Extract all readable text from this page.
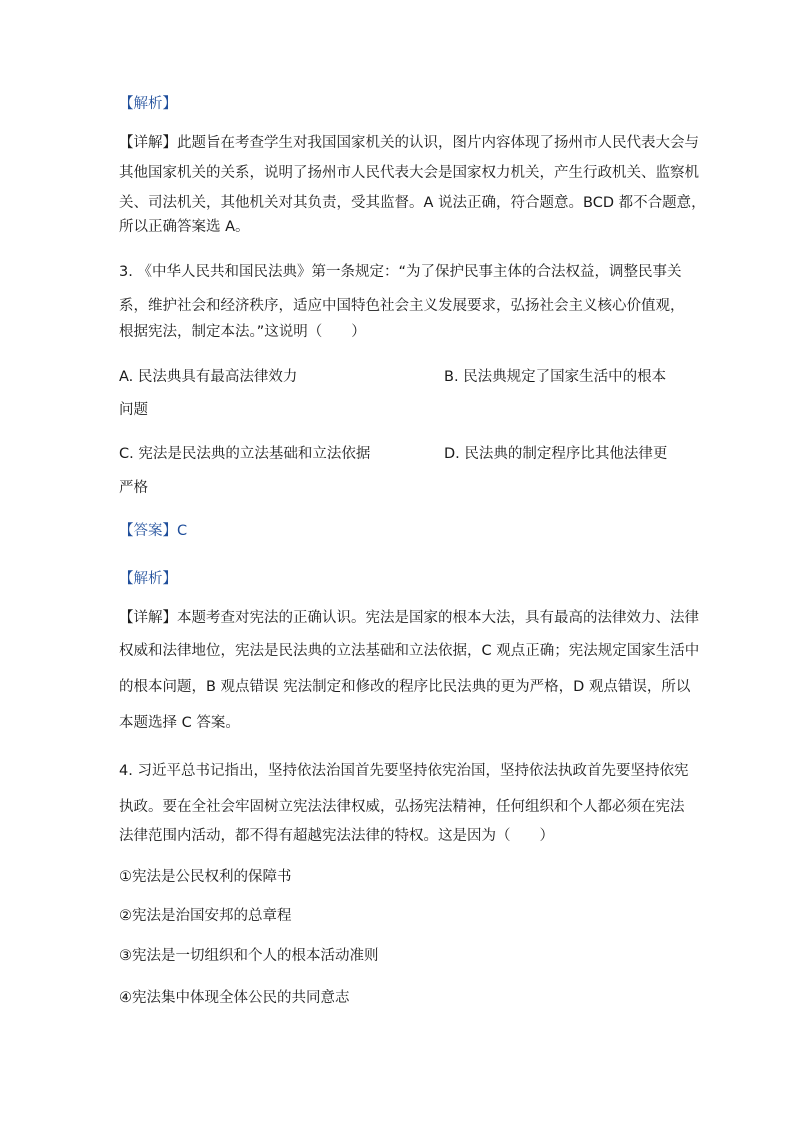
【解析】
【详解】此题旨在考查学生对我国国家机关的认识，图片内容体现了扬州市人民代表大会与
其他国家机关的关系，说明了扬州市人民代表大会是国家权力机关，产生行政机关、监察机
关、司法机关，其他机关对其负责，受其监督。A 说法正确，符合题意。BCD 都不合题意，
所以正确答案选 A。
3. 《中华人民共和国民法典》第一条规定：“为了保护民事主体的合法权益，调整民事关
系，维护社会和经济秩序，适应中国特色社会主义发展要求，弘扬社会主义核心价值观，
根据宪法，制定本法。”这说明（　　）
A. 民法典具有最高法律效力	B. 民法典规定了国家生活中的根本
问题
C. 宪法是民法典的立法基础和立法依据	D. 民法典的制定程序比其他法律更
严格
【答案】C
【解析】
【详解】本题考查对宪法的正确认识。宪法是国家的根本大法，具有最高的法律效力、法律
权威和法律地位，宪法是民法典的立法基础和立法依据，C 观点正确；宪法规定国家生活中
的根本问题，B 观点错误 宪法制定和修改的程序比民法典的更为严格，D 观点错误，所以
本题选择 C 答案。
4. 习近平总书记指出，坚持依法治国首先要坚持依宪治国，坚持依法执政首先要坚持依宪
执政。要在全社会牢固树立宪法法律权威，弘扬宪法精神，任何组织和个人都必须在宪法
法律范围内活动，都不得有超越宪法法律的特权。这是因为（　　）
①宪法是公民权利的保障书
②宪法是治国安邦的总章程
③宪法是一切组织和个人的根本活动准则
④宪法集中体现全体公民的共同意志
